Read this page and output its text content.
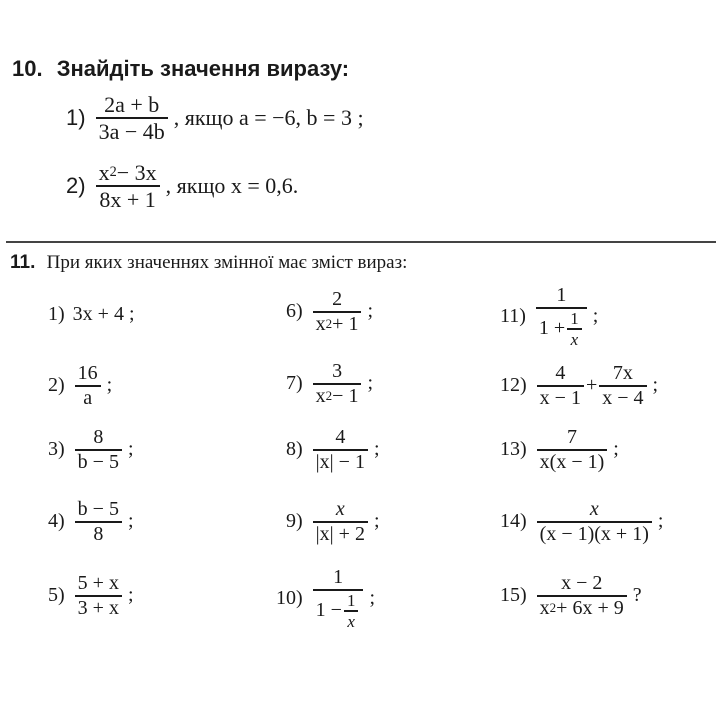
10. Знайдіть значення виразу:
$1) \frac{2a + b}{3a - 4b}$ , якщо a = −6, b = 3 ;
$2) \frac{x 2 - 3x}{8x + 1}$ , якщо x = 0,6.
11. При яких значеннях змінної має зміст вираз:
1) 3x + 4 ;
$2) \frac{16}{a}$ ;
$3) \frac{8}{b - 5}$ ;
$4) \frac{b - 5}{8}$ ;
$5) \frac{5 + x}{3 + x}$ ;
$6) \frac{2}{x 2 + 1}$ ;
$7) \frac{3}{x 2 - 1}$ ;
$8) \frac{4}{|x| - 1}$ ;
$9) \frac{x}{|x| + 2}$ ;
$10) \frac{1}{1 - \frac{1}{x}}$ ;
$11) \frac{1}{1 + \frac{1}{x}}$ ;
$12) \frac{4}{x - 1} + \frac{7x}{x - 4}$ ;
$13) \frac{7}{x(x - 1)}$ ;
$14) \frac{x}{(x - 1)(x + 1)}$ ;
$15) \frac{x - 2}{x 2 + 6x + 9}$ ?
